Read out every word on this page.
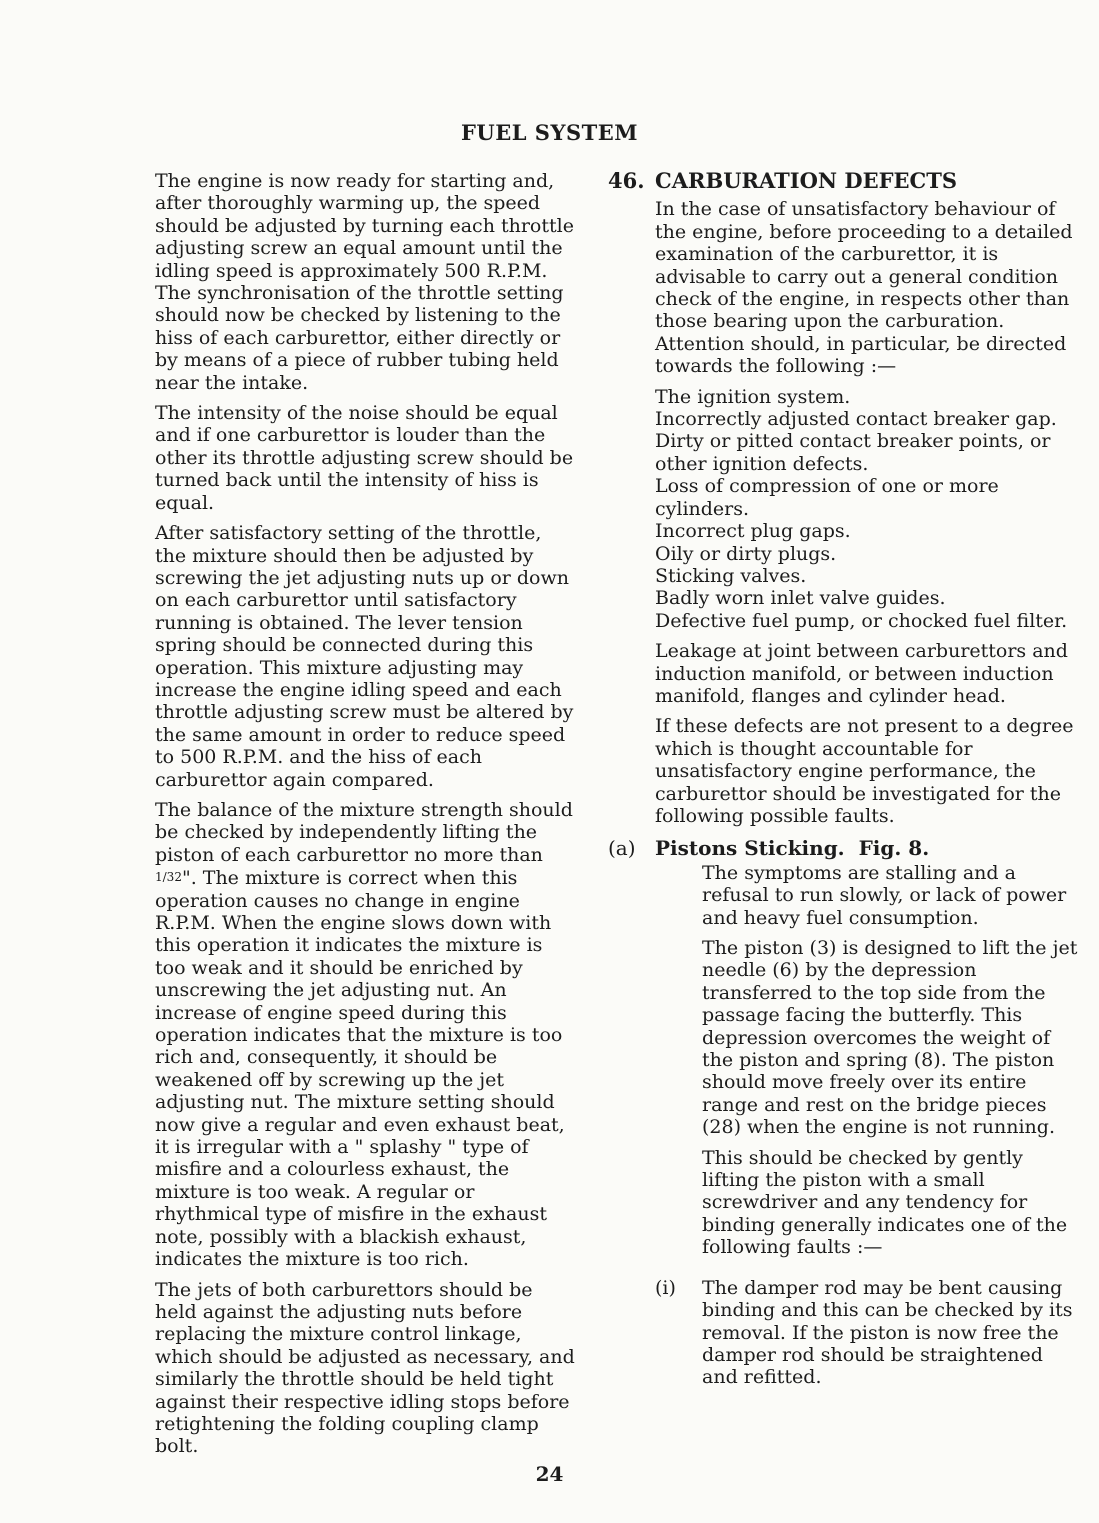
FUEL SYSTEM

The engine is now ready for starting and, after thoroughly warming up, the speed should be adjusted by turning each throttle adjusting screw an equal amount until the idling speed is approximately 500 R.P.M. The synchronisation of the throttle setting should now be checked by listening to the hiss of each carburettor, either directly or by means of a piece of rubber tubing held near the intake.

The intensity of the noise should be equal and if one carburettor is louder than the other its throttle adjusting screw should be turned back until the intensity of hiss is equal.

After satisfactory setting of the throttle, the mixture should then be adjusted by screwing the jet adjusting nuts up or down on each carburettor until satisfactory running is obtained. The lever tension spring should be connected during this operation. This mixture adjusting may increase the engine idling speed and each throttle adjusting screw must be altered by the same amount in order to reduce speed to 500 R.P.M. and the hiss of each carburettor again compared.

The balance of the mixture strength should be checked by independently lifting the piston of each carburettor no more than 1/32". The mixture is correct when this operation causes no change in engine R.P.M. When the engine slows down with this operation it indicates the mixture is too weak and it should be enriched by unscrewing the jet adjusting nut. An increase of engine speed during this operation indicates that the mixture is too rich and, consequently, it should be weakened off by screwing up the jet adjusting nut. The mixture setting should now give a regular and even exhaust beat, it is irregular with a " splashy " type of misfire and a colourless exhaust, the mixture is too weak. A regular or rhythmical type of misfire in the exhaust note, possibly with a blackish exhaust, indicates the mixture is too rich.

The jets of both carburettors should be held against the adjusting nuts before replacing the mixture control linkage, which should be adjusted as necessary, and similarly the throttle should be held tight against their respective idling stops before retightening the folding coupling clamp bolt.

46. CARBURATION DEFECTS

In the case of unsatisfactory behaviour of the engine, before proceeding to a detailed examination of the carburettor, it is advisable to carry out a general condition check of the engine, in respects other than those bearing upon the carburation.

Attention should, in particular, be directed towards the following :—

The ignition system.
Incorrectly adjusted contact breaker gap.
Dirty or pitted contact breaker points, or other ignition defects.
Loss of compression of one or more cylinders.
Incorrect plug gaps.
Oily or dirty plugs.
Sticking valves.
Badly worn inlet valve guides.
Defective fuel pump, or chocked fuel filter.

Leakage at joint between carburettors and induction manifold, or between induction manifold, flanges and cylinder head.

If these defects are not present to a degree which is thought accountable for unsatisfactory engine performance, the carburettor should be investigated for the following possible faults.

(a) Pistons Sticking.
Fig. 8.

The symptoms are stalling and a refusal to run slowly, or lack of power and heavy fuel consumption.

The piston (3) is designed to lift the jet needle (6) by the depression transferred to the top side from the passage facing the butterfly. This depression overcomes the weight of the piston and spring (8). The piston should move freely over its entire range and rest on the bridge pieces (28) when the engine is not running.

This should be checked by gently lifting the piston with a small screwdriver and any tendency for binding generally indicates one of the following faults :—

(i)	The damper rod may be bent causing binding and this can be checked by its removal. If the piston is now free the damper rod should be straightened and refitted.
24
